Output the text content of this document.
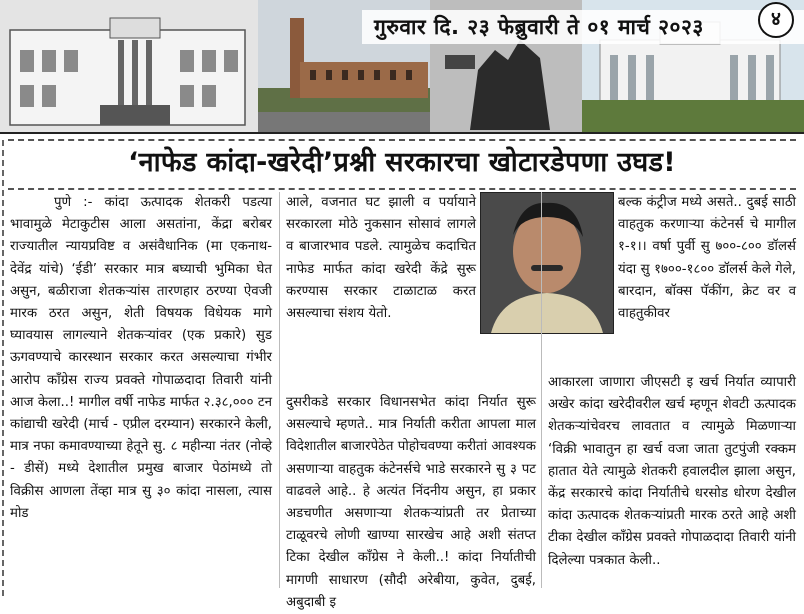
गुरुवार दि. २३ फेब्रुवारी ते ०१ मार्च २०२३	४
‘नाफेड कांदा-खरेदी’प्रश्नी सरकारचा खोटारडेपणा उघड!

पुणे :- कांदा ऊत्पादक शेतकरी पडत्या भावामुळे मेटाकुटीस आला असतांना, केंद्रा बरोबर राज्यातील न्यायप्रविष्ट व असंवैधानिक (मा एकनाथ-देवेंद्र यांचे) ‘ईडी’ सरकार मात्र बघ्याची भुमिका घेत असुन, बळीराजा शेतकऱ्यांस तारणहार ठरण्या ऐवजी मारक ठरत असुन, शेती विषयक विधेयक मागे घ्यावयास लागल्याने शेतकऱ्यांवर (एक प्रकारे) सुड ऊगवण्याचे कारस्थान सरकार करत असल्याचा गंभीर आरोप काँग्रेस राज्य प्रवक्ते गोपाळदादा तिवारी यांनी आज केला..! मागील वर्षी नाफेड मार्फत २.३८,००० टन कांद्याची खरेदी (मार्च - एप्रील दरम्यान) सरकारने केली, मात्र नफा कमावण्याच्या हेतूने सु. ८ महीन्या नंतर (नोव्हे - डीसें) मध्ये देशातील प्रमुख बाजार पेठांमध्ये तो विक्रीस आणला तेंव्हा मात्र सु ३० कांदा नासला, त्यास मोड

आले, वजनात घट झाली व पर्यायाने सरकारला मोठे नुकसान सोसावं लागले व बाजारभाव पडले. त्यामुळेच कदाचित नाफेड मार्फत कांदा खरेदी केंद्रे सुरू करण्यास सरकार टाळाटाळ करत असल्याचा संशय येतो.

दुसरीकडे सरकार विधानसभेत कांदा निर्यात सुरू असल्याचे म्हणते.. मात्र निर्याती करीता आपला माल विदेशातील बाजारपेठेत पोहोचवण्या करीतां आवश्यक असणाऱ्या वाहतुक कंटेनर्सचे भाडे सरकारने सु ३ पट वाढवले आहे.. हे अत्यंत निंदनीय असुन, हा प्रकार अडचणीत असणाऱ्या शेतकऱ्यांप्रती तर प्रेताच्या टाळूवरचे लोणी खाण्या सारखेच आहे अशी संतप्त टिका देखील काँग्रेस ने केली..! कांदा निर्यातीची मागणी साधारण (सौदी अरेबीया, कुवेत, दुबई, अबुदाबी इ

बल्क कंट्रीज मध्ये असते.. दुबई साठी वाहतुक करणाऱ्या कंटेनर्स चे मागील १-१।। वर्षा पुर्वी सु ७००-८०० डॉलर्स यंदा सु १७००-१८०० डॉलर्स केले गेले, बारदान, बॉक्स पॅकींग, क्रेट वर व वाहतुकीवर

आकारला जाणारा जीएसटी इ खर्च निर्यात व्यापारी अखेर कांदा खरेदीवरील खर्च म्हणून शेवटी ऊत्पादक शेतकऱ्यांचेवरच लावतात व त्यामुळे मिळणाऱ्या ‘विक्री भावातुन हा खर्च वजा जाता तुटपुंजी रक्कम हातात येते त्यामुळे शेतकरी हवालदील झाला असुन, केंद्र सरकारचे कांदा निर्यातीचे धरसोड धोरण देखील कांदा ऊत्पादक शेतकऱ्यांप्रती मारक ठरते आहे अशी टीका देखील काँग्रेस प्रवक्ते गोपाळदादा तिवारी यांनी दिलेल्या पत्रकात केली..
